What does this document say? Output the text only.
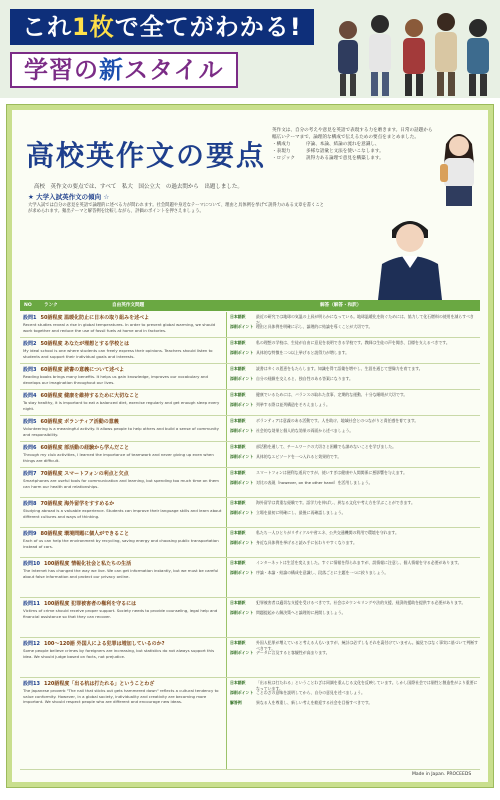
これ1枚で全てがわかる!
学習の新スタイル
高校英作文の要点
高校　英作文の要点では、すべて　私大　国公立大　の過去問から　出題しました。
英作文は、自分の考えや意見を英語で表現する力を磨きます。日常の話題から幅広いテーマまで、論理的な構成で伝えるための要点をまとめました。
・構成力	序論、本論、結論の流れを意識し、
・表現力	多様な語彙と文法を使いこなします。
・ロジック	説得力ある論理で意見を構築します。
★ 大学入試英作文の傾向 ☆
大学入試では自分の意見を英語で論理的に述べる力が問われます。社会問題や身近なテーマについて、理由と具体例を挙げて説得力のある文章を書くことが求められます。頻出テーマと解答例を比較しながら、評価のポイントを押さえましょう。
NO	ランク	自由英作文問題	解答（解答・和訳）
設問1 50語程度 温暖化防止に日本の取り組みを述べよ
Recent studies reveal a rise in global temperatures. In order to prevent global warming, we should work together and reduce the use of fossil fuels at home and in factories.
日本語訳	最近の研究では地球の気温の上昇が明らかになっている。地球温暖化を防ぐためには、協力して化石燃料の使用を減らすべきだ。
添削ポイント 理由と具体例を明確に示し、論理的に結論を導くことが大切です。
設問2 50語程度 あなたが理想とする学校とは
My ideal school is one where students can freely express their opinions. Teachers should listen to students and support their individual goals and interests.
日本語訳	私の理想の学校は、生徒が自由に意見を表明できる学校です。教師は生徒の声を聞き、目標を支えるべきです。
添削ポイント 具体的な特徴を二つ以上挙げると説得力が増します。
設問3 60語程度 読書の意義について述べよ
Reading books brings many benefits. It helps us gain knowledge, improves our vocabulary and develops our imagination throughout our lives.
日本語訳	読書は多くの恩恵をもたらします。知識を得て語彙を増やし、生涯を通じて想像力を育てます。
添削ポイント 自分の経験を交えると、独自性のある答案になります。
設問4 60語程度 健康を維持するために大切なこと
To stay healthy, it is important to eat a balanced diet, exercise regularly and get enough sleep every night.
日本語訳	健康でいるためには、バランスの取れた食事、定期的な運動、十分な睡眠が大切です。
添削ポイント 列挙する際は並列構造をそろえましょう。
設問5 60語程度 ボランティア活動の意義
Volunteering is a meaningful activity. It allows people to help others and build a sense of community and responsibility.
日本語訳	ボランティアは意義のある活動です。人を助け、地域社会とのつながりと責任感を育てます。
添削ポイント 社会的な効果と個人的な効果の両面から述べましょう。
設問6 60語程度 部活動の経験から学んだこと
Through my club activities, I learned the importance of teamwork and never giving up even when things are difficult.
日本語訳	部活動を通して、チームワークの大切さと困難でも諦めないことを学びました。
添削ポイント 具体的なエピソードを一つ入れると効果的です。
設問7 70語程度 スマートフォンの利点と欠点
Smartphones are useful tools for communication and learning, but spending too much time on them can harm our health and relationships.
日本語訳	スマートフォンは便利な道具ですが、使いすぎは健康や人間関係に悪影響を与えます。
添削ポイント 対比の表現（however, on the other hand）を活用しましょう。
設問8 70語程度 海外留学をすすめるか
Studying abroad is a valuable experience. Students can improve their language skills and learn about different cultures and ways of thinking.
日本語訳	海外留学は貴重な経験です。語学力を伸ばし、異なる文化や考え方を学ぶことができます。
添削ポイント 立場を最初に明確にし、最後に再確認しましょう。
設問9 80語程度 環境問題に個人ができること
Each of us can help the environment by recycling, saving energy and choosing public transportation instead of cars.
日本語訳	私たち一人ひとりがリサイクルや省エネ、公共交通機関の利用で環境を守れます。
添削ポイント 身近な具体例を挙げると読み手に伝わりやすくなります。
設問10 100語程度 情報化社会と私たちの生活
The Internet has changed the way we live. We can get information instantly, but we must be careful about false information and protect our privacy online.
日本語訳	インターネットは生活を変えました。すぐに情報を得られますが、誤情報に注意し、個人情報を守る必要があります。
添削ポイント 序論・本論・結論の構成を意識し、段落ごとに主題を一つに絞りましょう。
設問11 100語程度 犯罪被害者の権利を守るには
Victims of crime should receive proper support. Society needs to provide counseling, legal help and financial assistance so that they can recover.
日本語訳	犯罪被害者は適切な支援を受けるべきです。社会はカウンセリングや法的支援、経済的援助を提供する必要があります。
添削ポイント 問題提起から解決策へと論理的に展開しましょう。
設問12 100～120語 外国人による犯罪は増加しているのか?
Some people believe crimes by foreigners are increasing, but statistics do not always support this idea. We should judge based on facts, not prejudice.
日本語訳	外国人犯罪が増えていると考える人もいますが、統計は必ずしもそれを裏付けていません。偏見ではなく事実に基づいて判断すべきです。
添削ポイント データに言及すると客観性が高まります。
設問13 120語程度「出る杭は打たれる」ということわざ
The Japanese proverb "The nail that sticks out gets hammered down" reflects a cultural tendency to value conformity. However, in a global society, individuality and creativity are becoming more important. We should respect people who are different and encourage new ideas.
日本語訳	「出る杭は打たれる」ということわざは同調を重んじる文化を反映しています。しかし国際社会では個性と創造性がより重要になっています。
添削ポイント ことわざの意味を説明してから、自分の意見を述べましょう。
解答例	異なる人を尊重し、新しい考えを歓迎する社会を目指すべきです。
Made in Japan. PROCEEDS
